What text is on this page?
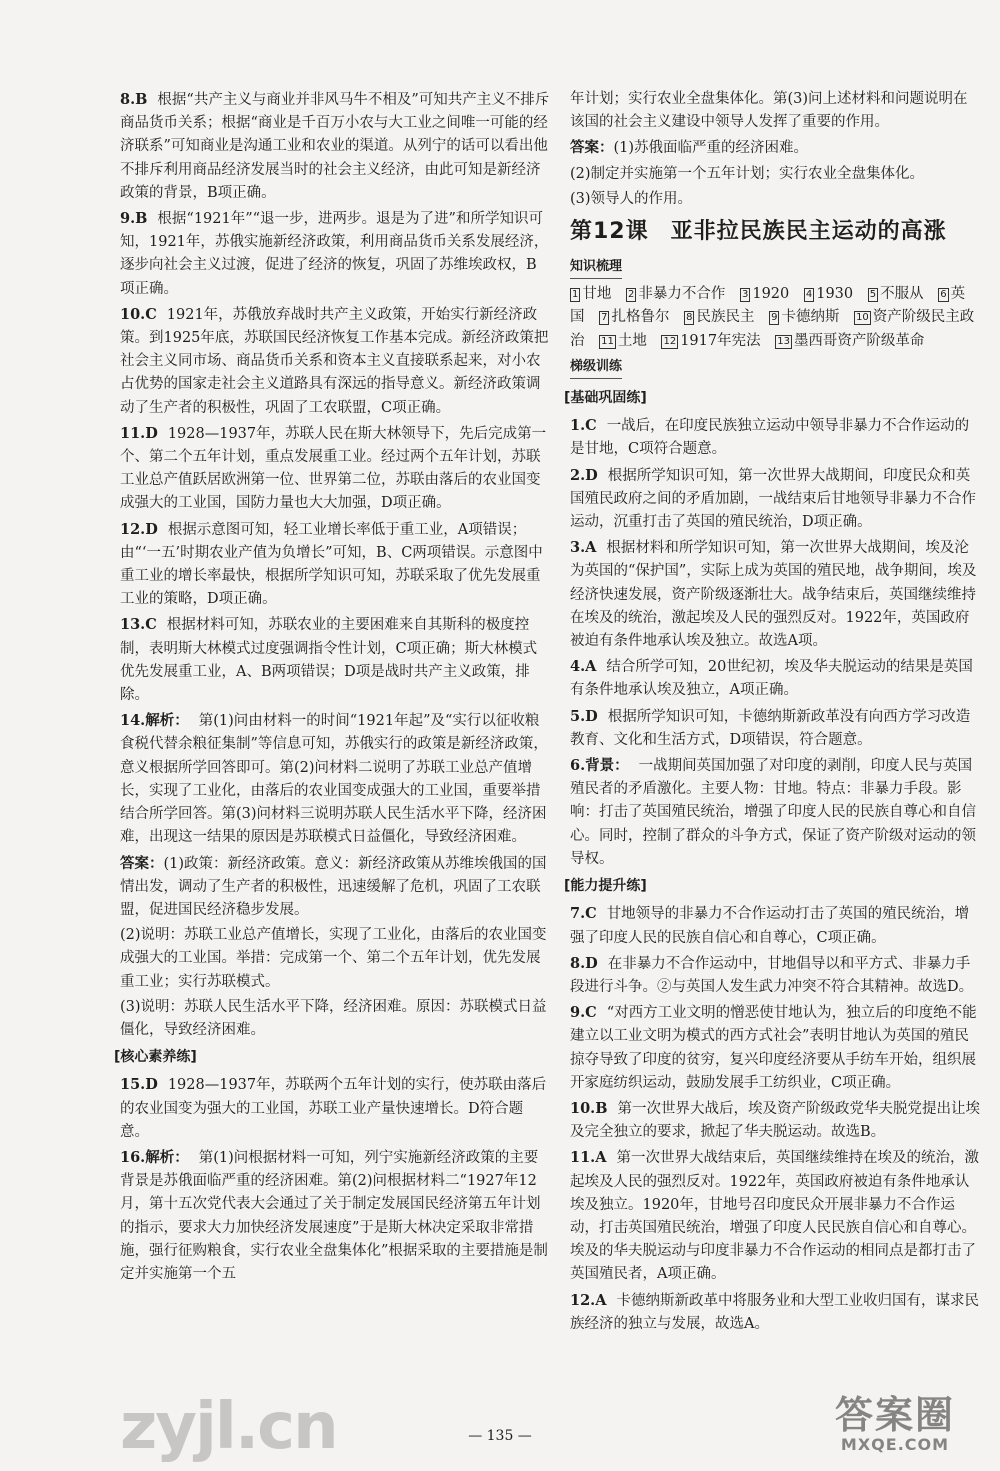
8.B 根据“共产主义与商业并非风马牛不相及”可知共产主义不排斥商品货币关系；根据“商业是千百万小农与大工业之间唯一可能的经济联系”可知商业是沟通工业和农业的渠道。从列宁的话可以看出他不排斥利用商品经济发展当时的社会主义经济，由此可知是新经济政策的背景，B项正确。
9.B 根据“1921年”“退一步，进两步。退是为了进”和所学知识可知，1921年，苏俄实施新经济政策，利用商品货币关系发展经济，逐步向社会主义过渡，促进了经济的恢复，巩固了苏维埃政权，B项正确。
10.C 1921年，苏俄放弃战时共产主义政策，开始实行新经济政策。到1925年底，苏联国民经济恢复工作基本完成。新经济政策把社会主义同市场、商品货币关系和资本主义直接联系起来，对小农占优势的国家走社会主义道路具有深远的指导意义。新经济政策调动了生产者的积极性，巩固了工农联盟，C项正确。
11.D 1928—1937年，苏联人民在斯大林领导下，先后完成第一个、第二个五年计划，重点发展重工业。经过两个五年计划，苏联工业总产值跃居欧洲第一位、世界第二位，苏联由落后的农业国变成强大的工业国，国防力量也大大加强，D项正确。
12.D 根据示意图可知，轻工业增长率低于重工业，A项错误；由“‘一五’时期农业产值为负增长”可知，B、C两项错误。示意图中重工业的增长率最快，根据所学知识可知，苏联采取了优先发展重工业的策略，D项正确。
13.C 根据材料可知，苏联农业的主要困难来自其斯科的极度控制，表明斯大林模式过度强调指令性计划，C项正确；斯大林模式优先发展重工业，A、B两项错误；D项是战时共产主义政策，排除。
14.解析： 第(1)问由材料一的时间“1921年起”及“实行以征收粮食税代替余粮征集制”等信息可知，苏俄实行的政策是新经济政策，意义根据所学回答即可。第(2)问材料二说明了苏联工业总产值增长，实现了工业化，由落后的农业国变成强大的工业国，重要举措结合所学回答。第(3)问材料三说明苏联人民生活水平下降，经济困难，出现这一结果的原因是苏联模式日益僵化，导致经济困难。
答案：(1)政策：新经济政策。意义：新经济政策从苏维埃俄国的国情出发，调动了生产者的积极性，迅速缓解了危机，巩固了工农联盟，促进国民经济稳步发展。
(2)说明：苏联工业总产值增长，实现了工业化，由落后的农业国变成强大的工业国。举措：完成第一个、第二个五年计划，优先发展重工业；实行苏联模式。
(3)说明：苏联人民生活水平下降，经济困难。原因：苏联模式日益僵化，导致经济困难。
[核心素养练]
15.D 1928—1937年，苏联两个五年计划的实行，使苏联由落后的农业国变为强大的工业国，苏联工业产量快速增长。D符合题意。
16.解析： 第(1)问根据材料一可知，列宁实施新经济政策的主要背景是苏俄面临严重的经济困难。第(2)问根据材料二“1927年12月，第十五次党代表大会通过了关于制定发展国民经济第五年计划的指示，要求大力加快经济发展速度”于是斯大林决定采取非常措施，强行征购粮食，实行农业全盘集体化”根据采取的主要措施是制定并实施第一个五
年计划；实行农业全盘集体化。第(3)问上述材料和问题说明在该国的社会主义建设中领导人发挥了重要的作用。
答案：(1)苏俄面临严重的经济困难。
(2)制定并实施第一个五年计划；实行农业全盘集体化。
(3)领导人的作用。
第12课 亚非拉民族民主运动的高涨
知识梳理
1 甘地 2 非暴力不合作 3 1920 4 1930 5 不服从 6 英国 7 扎格鲁尔 8 民族民主 9 卡德纳斯 10 资产阶级民主政治 11 土地 12 1917年宪法 13 墨西哥资产阶级革命
梯级训练
[基础巩固练]
1.C 一战后，在印度民族独立运动中领导非暴力不合作运动的是甘地，C项符合题意。
2.D 根据所学知识可知，第一次世界大战期间，印度民众和英国殖民政府之间的矛盾加剧，一战结束后甘地领导非暴力不合作运动，沉重打击了英国的殖民统治，D项正确。
3.A 根据材料和所学知识可知，第一次世界大战期间，埃及沦为英国的“保护国”，实际上成为英国的殖民地，战争期间，埃及经济快速发展，资产阶级逐渐壮大。战争结束后，英国继续维持在埃及的统治，激起埃及人民的强烈反对。1922年，英国政府被迫有条件地承认埃及独立。故选A项。
4.A 结合所学可知，20世纪初，埃及华夫脱运动的结果是英国有条件地承认埃及独立，A项正确。
5.D 根据所学知识可知，卡德纳斯新政革没有向西方学习改造教育、文化和生活方式，D项错误，符合题意。
6.背景： 一战期间英国加强了对印度的剥削，印度人民与英国殖民者的矛盾激化。主要人物：甘地。特点：非暴力手段。影响：打击了英国殖民统治，增强了印度人民的民族自尊心和自信心。同时，控制了群众的斗争方式，保证了资产阶级对运动的领导权。
[能力提升练]
7.C 甘地领导的非暴力不合作运动打击了英国的殖民统治，增强了印度人民的民族自信心和自尊心，C项正确。
8.D 在非暴力不合作运动中，甘地倡导以和平方式、非暴力手段进行斗争。②与英国人发生武力冲突不符合其精神。故选D。
9.C “对西方工业文明的憎恶使甘地认为，独立后的印度绝不能建立以工业文明为模式的西方式社会”表明甘地认为英国的殖民掠夺导致了印度的贫穷，复兴印度经济要从手纺车开始，组织展开家庭纺织运动，鼓励发展手工纺织业，C项正确。
10.B 第一次世界大战后，埃及资产阶级政党华夫脱党提出让埃及完全独立的要求，掀起了华夫脱运动。故选B。
11.A 第一次世界大战结束后，英国继续维持在埃及的统治，激起埃及人民的强烈反对。1922年，英国政府被迫有条件地承认埃及独立。1920年，甘地号召印度民众开展非暴力不合作运动，打击英国殖民统治，增强了印度人民民族自信心和自尊心。埃及的华夫脱运动与印度非暴力不合作运动的相同点是都打击了英国殖民者，A项正确。
12.A 卡德纳斯新政革中将服务业和大型工业收归国有，谋求民族经济的独立与发展，故选A。
zyjl.cn	答案圈
MXQE.COM
— 135 —
